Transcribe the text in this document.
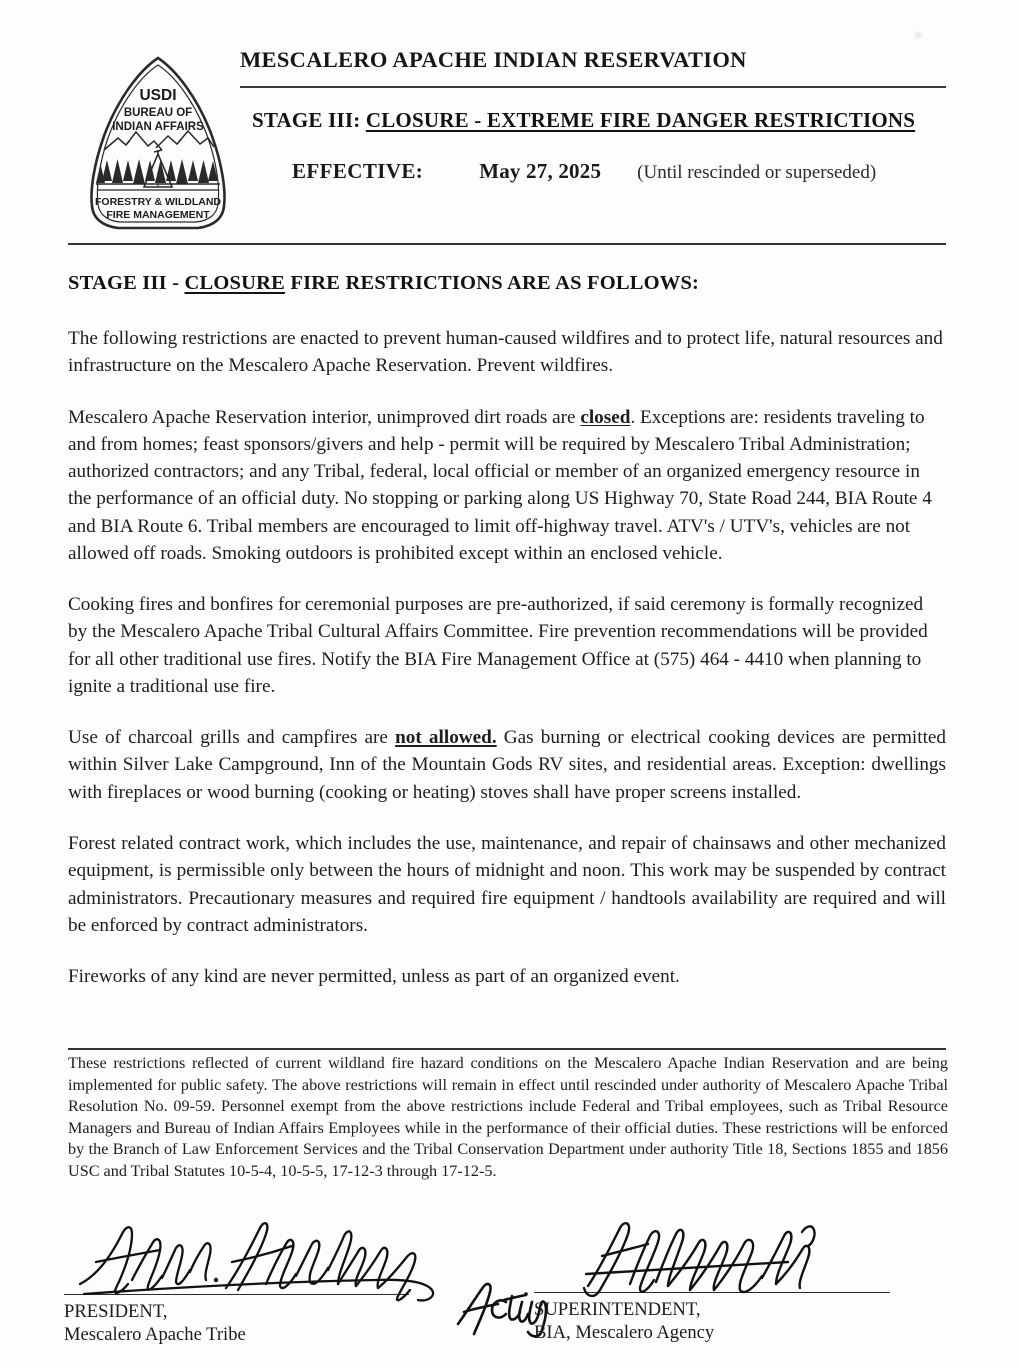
USDI
BUREAU OF
INDIAN AFFAIRS
FORESTRY & WILDLAND
FIRE MANAGEMENT
MESCALERO APACHE INDIAN RESERVATION
STAGE III: CLOSURE - EXTREME FIRE DANGER RESTRICTIONS
EFFECTIVE:	May 27, 2025 (Until rescinded or superseded)
STAGE III - CLOSURE FIRE RESTRICTIONS ARE AS FOLLOWS:

The following restrictions are enacted to prevent human-caused wildfires and to protect life, natural resources and infrastructure on the Mescalero Apache Reservation. Prevent wildfires.

Mescalero Apache Reservation interior, unimproved dirt roads are closed. Exceptions are: residents traveling to and from homes; feast sponsors/givers and help - permit will be required by Mescalero Tribal Administration; authorized contractors; and any Tribal, federal, local official or member of an organized emergency resource in the performance of an official duty. No stopping or parking along US Highway 70, State Road 244, BIA Route 4 and BIA Route 6. Tribal members are encouraged to limit off-highway travel. ATV's / UTV's, vehicles are not allowed off roads. Smoking outdoors is prohibited except within an enclosed vehicle.

Cooking fires and bonfires for ceremonial purposes are pre-authorized, if said ceremony is formally recognized by the Mescalero Apache Tribal Cultural Affairs Committee. Fire prevention recommendations will be provided for all other traditional use fires. Notify the BIA Fire Management Office at (575) 464 - 4410 when planning to ignite a traditional use fire.

Use of charcoal grills and campfires are not allowed. Gas burning or electrical cooking devices are permitted within Silver Lake Campground, Inn of the Mountain Gods RV sites, and residential areas. Exception: dwellings with fireplaces or wood burning (cooking or heating) stoves shall have proper screens installed.

Forest related contract work, which includes the use, maintenance, and repair of chainsaws and other mechanized equipment, is permissible only between the hours of midnight and noon. This work may be suspended by contract administrators. Precautionary measures and required fire equipment / handtools availability are required and will be enforced by contract administrators.

Fireworks of any kind are never permitted, unless as part of an organized event.

These restrictions reflected of current wildland fire hazard conditions on the Mescalero Apache Indian Reservation and are being implemented for public safety. The above restrictions will remain in effect until rescinded under authority of Mescalero Apache Tribal Resolution No. 09-59. Personnel exempt from the above restrictions include Federal and Tribal employees, such as Tribal Resource Managers and Bureau of Indian Affairs Employees while in the performance of their official duties. These restrictions will be enforced by the Branch of Law Enforcement Services and the Tribal Conservation Department under authority Title 18, Sections 1855 and 1856 USC and Tribal Statutes 10-5-4, 10-5-5, 17-12-3 through 17-12-5.
PRESIDENT,
Mescalero Apache Tribe
SUPERINTENDENT,
BIA, Mescalero Agency
